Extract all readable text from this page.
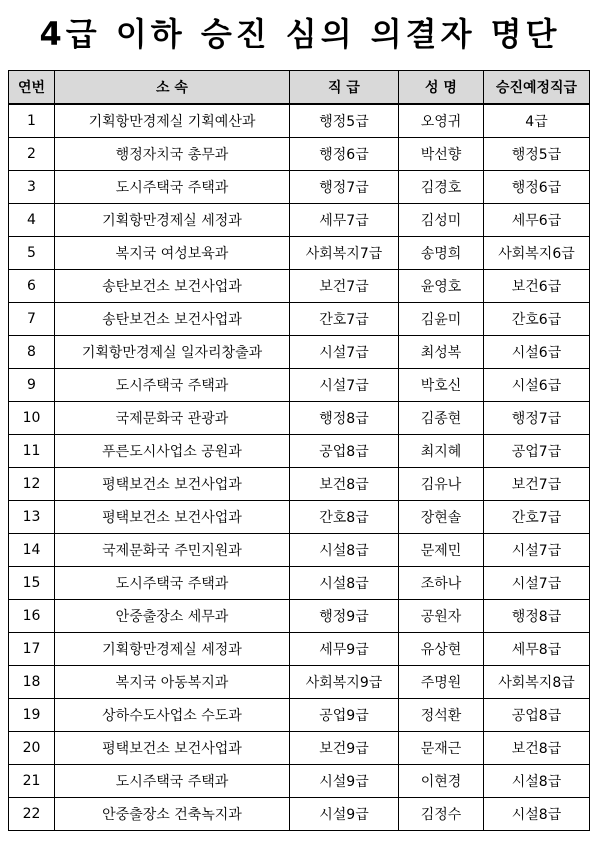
4급 이하 승진 심의 의결자 명단
연번	소 속	직 급	성 명	승진예정직급
1	기획항만경제실 기획예산과	행정5급	오영귀	4급
2	행정자치국 총무과	행정6급	박선향	행정5급
3	도시주택국 주택과	행정7급	김경호	행정6급
4	기획항만경제실 세정과	세무7급	김성미	세무6급
5	복지국 여성보육과	사회복지7급	송명희	사회복지6급
6	송탄보건소 보건사업과	보건7급	윤영호	보건6급
7	송탄보건소 보건사업과	간호7급	김윤미	간호6급
8	기획항만경제실 일자리창출과	시설7급	최성복	시설6급
9	도시주택국 주택과	시설7급	박호신	시설6급
10	국제문화국 관광과	행정8급	김종현	행정7급
11	푸른도시사업소 공원과	공업8급	최지혜	공업7급
12	평택보건소 보건사업과	보건8급	김유나	보건7급
13	평택보건소 보건사업과	간호8급	장현솔	간호7급
14	국제문화국 주민지원과	시설8급	문제민	시설7급
15	도시주택국 주택과	시설8급	조하나	시설7급
16	안중출장소 세무과	행정9급	공원자	행정8급
17	기획항만경제실 세정과	세무9급	유상현	세무8급
18	복지국 아동복지과	사회복지9급	주명원	사회복지8급
19	상하수도사업소 수도과	공업9급	정석환	공업8급
20	평택보건소 보건사업과	보건9급	문재근	보건8급
21	도시주택국 주택과	시설9급	이현경	시설8급
22	안중출장소 건축녹지과	시설9급	김정수	시설8급
